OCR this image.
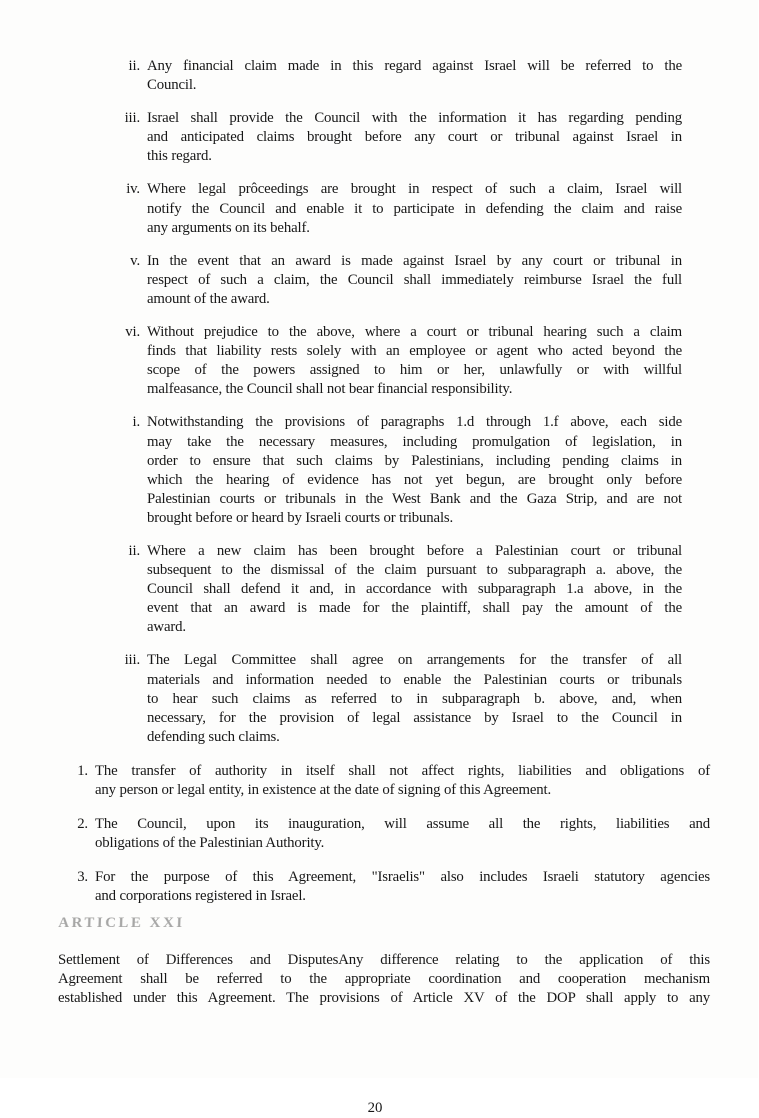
ii. Any financial claim made in this regard against Israel will be referred to the
Council.
iii. Israel shall provide the Council with the information it has regarding pending
and anticipated claims brought before any court or tribunal against Israel in
this regard.
iv. Where legal prôceedings are brought in respect of such a claim, Israel will
notify the Council and enable it to participate in defending the claim and raise
any arguments on its behalf.
v. In the event that an award is made against Israel by any court or tribunal in
respect of such a claim, the Council shall immediately reimburse Israel the full
amount of the award.
vi. Without prejudice to the above, where a court or tribunal hearing such a claim
finds that liability rests solely with an employee or agent who acted beyond the
scope of the powers assigned to him or her, unlawfully or with willful
malfeasance, the Council shall not bear financial responsibility.
i. Notwithstanding the provisions of paragraphs 1.d through 1.f above, each side
may take the necessary measures, including promulgation of legislation, in
order to ensure that such claims by Palestinians, including pending claims in
which the hearing of evidence has not yet begun, are brought only before
Palestinian courts or tribunals in the West Bank and the Gaza Strip, and are not
brought before or heard by Israeli courts or tribunals.
ii. Where a new claim has been brought before a Palestinian court or tribunal
subsequent to the dismissal of the claim pursuant to subparagraph a. above, the
Council shall defend it and, in accordance with subparagraph 1.a above, in the
event that an award is made for the plaintiff, shall pay the amount of the
award.
iii. The Legal Committee shall agree on arrangements for the transfer of all
materials and information needed to enable the Palestinian courts or tribunals
to hear such claims as referred to in subparagraph b. above, and, when
necessary, for the provision of legal assistance by Israel to the Council in
defending such claims.
1. The transfer of authority in itself shall not affect rights, liabilities and obligations of
any person or legal entity, in existence at the date of signing of this Agreement.
2. The Council, upon its inauguration, will assume all the rights, liabilities and
obligations of the Palestinian Authority.
3. For the purpose of this Agreement, "Israelis" also includes Israeli statutory agencies
and corporations registered in Israel.
ARTICLE XXI
Settlement of Differences and DisputesAny difference relating to the application of this
Agreement shall be referred to the appropriate coordination and cooperation mechanism
established under this Agreement. The provisions of Article XV of the DOP shall apply to any
20
